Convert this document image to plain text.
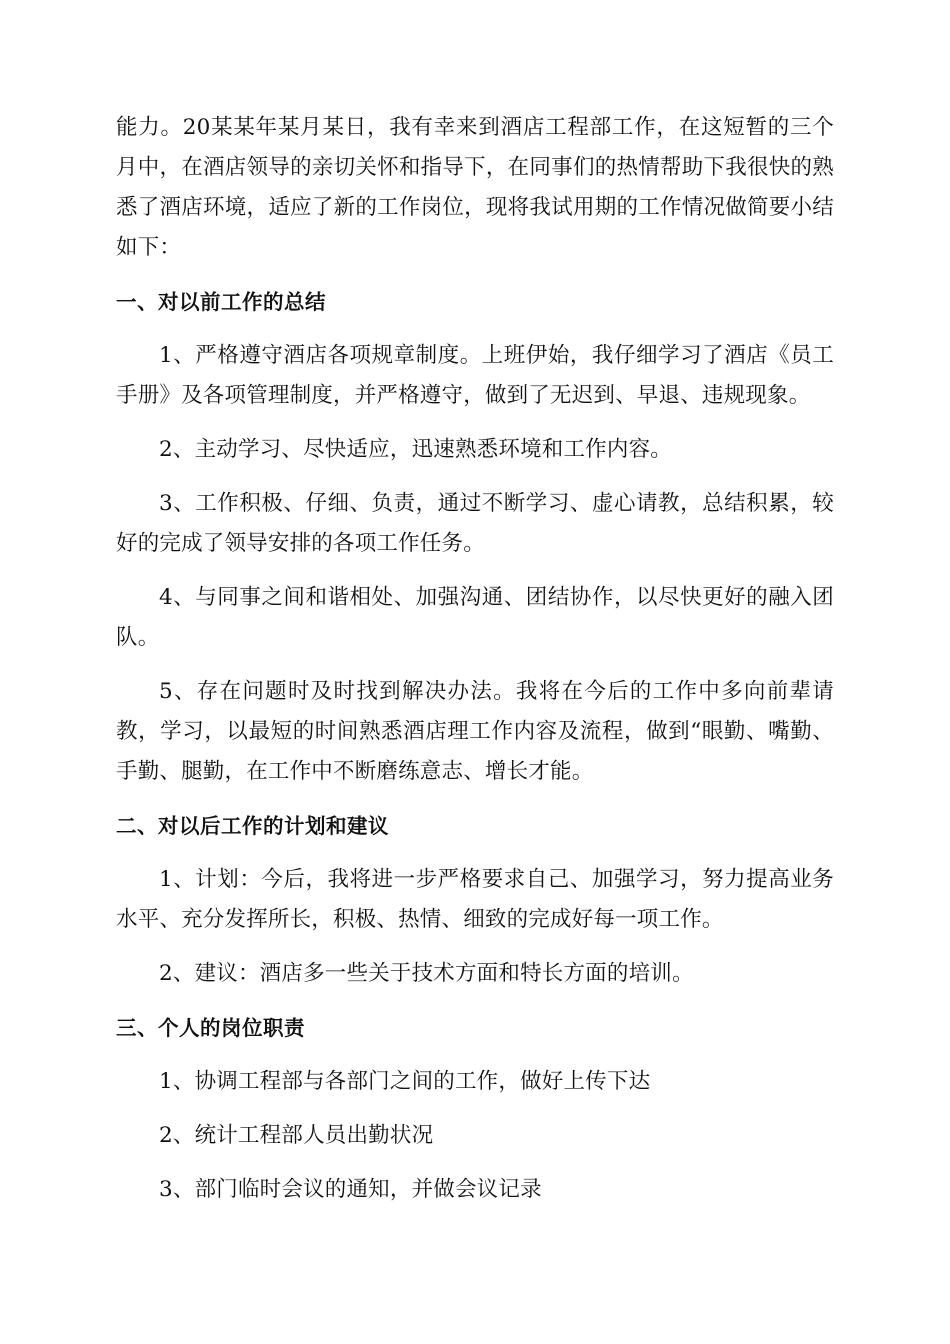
能力。20某某年某月某日，我有幸来到酒店工程部工作，在这短暂的三个月中，在酒店领导的亲切关怀和指导下，在同事们的热情帮助下我很快的熟悉了酒店环境，适应了新的工作岗位，现将我试用期的工作情况做简要小结如下：

一、对以前工作的总结

1、严格遵守酒店各项规章制度。上班伊始，我仔细学习了酒店《员工手册》及各项管理制度，并严格遵守，做到了无迟到、早退、违规现象。

2、主动学习、尽快适应，迅速熟悉环境和工作内容。

3、工作积极、仔细、负责，通过不断学习、虚心请教，总结积累，较好的完成了领导安排的各项工作任务。

4、与同事之间和谐相处、加强沟通、团结协作，以尽快更好的融入团队。

5、存在问题时及时找到解决办法。我将在今后的工作中多向前辈请教，学习，以最短的时间熟悉酒店理工作内容及流程，做到“眼勤、嘴勤、手勤、腿勤，在工作中不断磨练意志、增长才能。

二、对以后工作的计划和建议

1、计划：今后，我将进一步严格要求自己、加强学习，努力提高业务水平、充分发挥所长，积极、热情、细致的完成好每一项工作。

2、建议：酒店多一些关于技术方面和特长方面的培训。

三、个人的岗位职责

1、协调工程部与各部门之间的工作，做好上传下达

2、统计工程部人员出勤状况

3、部门临时会议的通知，并做会议记录
